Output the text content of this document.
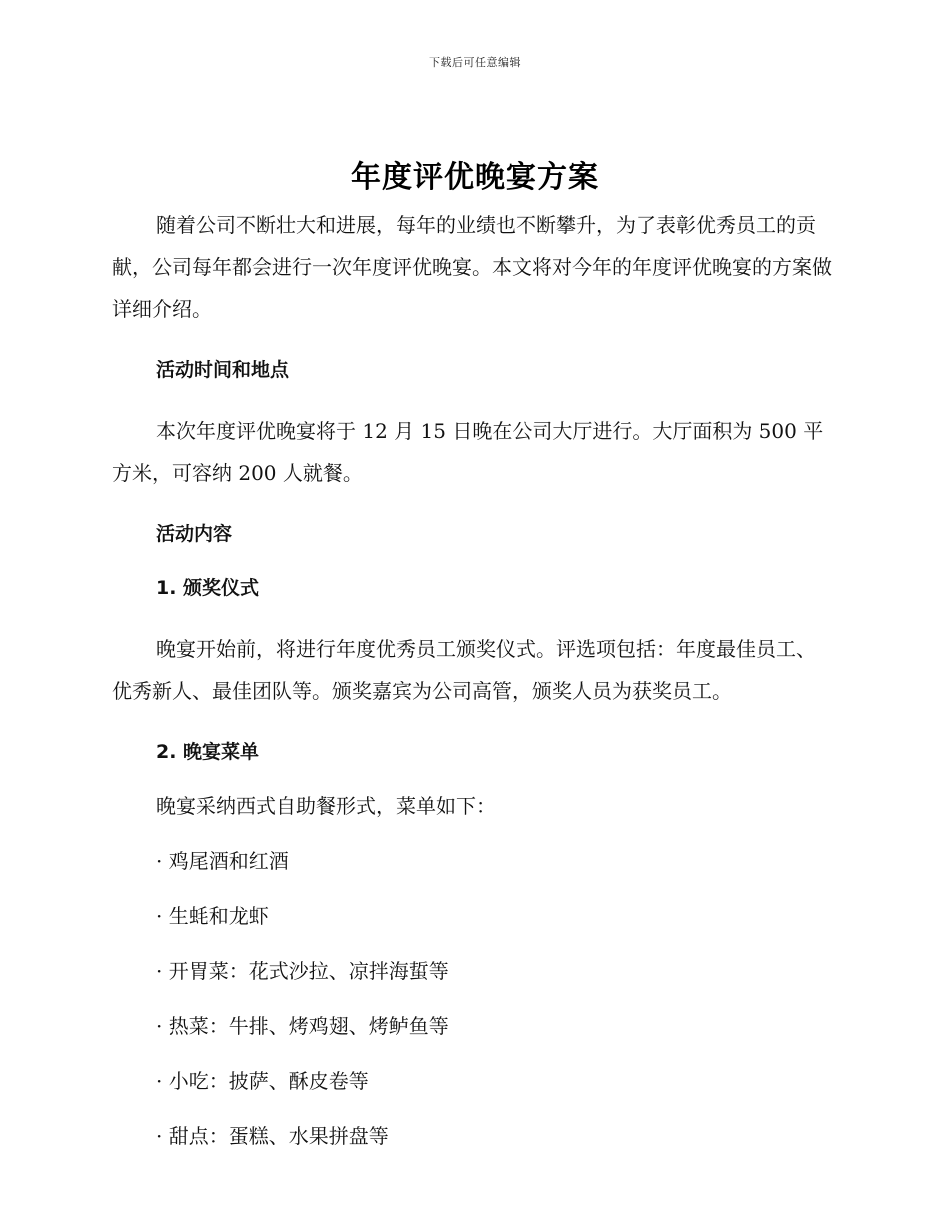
下载后可任意编辑
年度评优晚宴方案

随着公司不断壮大和进展，每年的业绩也不断攀升，为了表彰优秀员工的贡献，公司每年都会进行一次年度评优晚宴。本文将对今年的年度评优晚宴的方案做详细介绍。

活动时间和地点

本次年度评优晚宴将于 12 月 15 日晚在公司大厅进行。大厅面积为 500 平方米，可容纳 200 人就餐。

活动内容

1. 颁奖仪式

晚宴开始前，将进行年度优秀员工颁奖仪式。评选项包括：年度最佳员工、优秀新人、最佳团队等。颁奖嘉宾为公司高管，颁奖人员为获奖员工。

2. 晚宴菜单

晚宴采纳西式自助餐形式，菜单如下：

· 鸡尾酒和红酒

· 生蚝和龙虾

· 开胃菜：花式沙拉、凉拌海蜇等

· 热菜：牛排、烤鸡翅、烤鲈鱼等

· 小吃：披萨、酥皮卷等

· 甜点：蛋糕、水果拼盘等
